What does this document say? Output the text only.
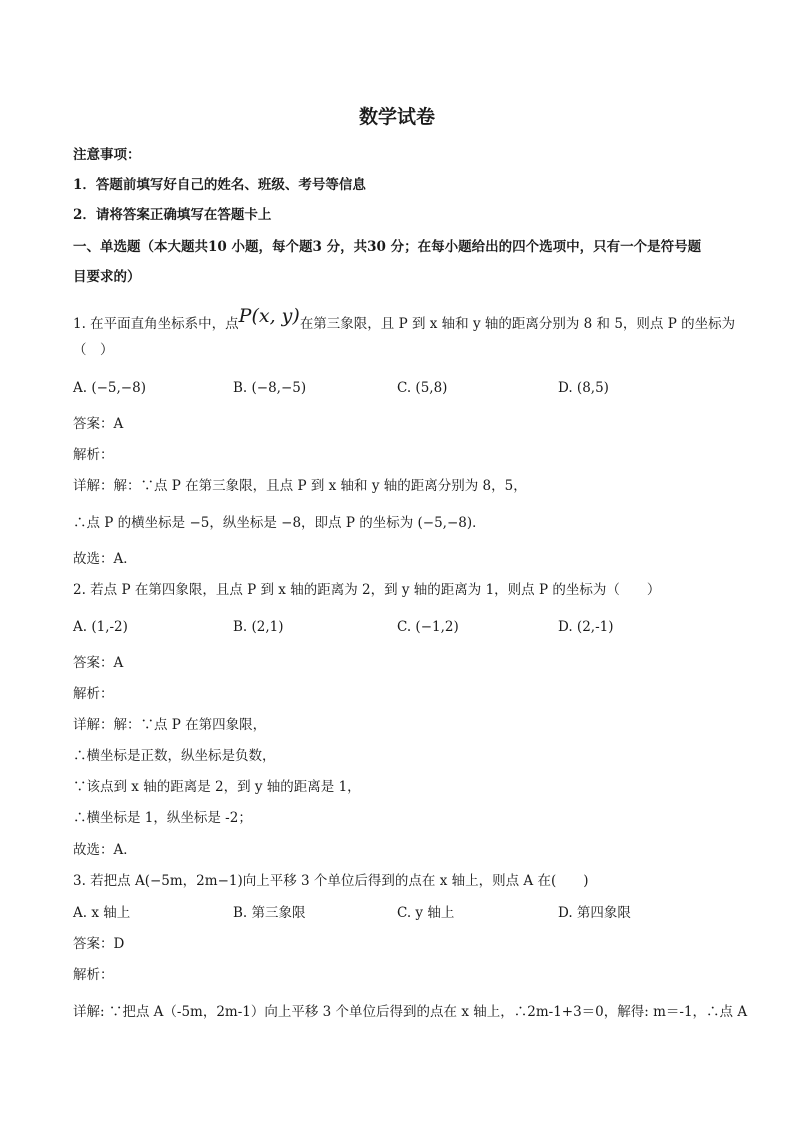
数学试卷
注意事项：
1．答题前填写好自己的姓名、班级、考号等信息
2．请将答案正确填写在答题卡上
一、单选题（本大题共10 小题，每个题3 分，共30 分；在每小题给出的四个选项中，只有一个是符号题
目要求的）
1. 在平面直角坐标系中，点P(x, y)在第三象限，且 P 到 x 轴和 y 轴的距离分别为 8 和 5，则点 P 的坐标为
（　）
A. (−5,−8)	B. (−8,−5)	C. (5,8)	D. (8,5)
答案：A
解析：
详解：解：∵点 P 在第三象限，且点 P 到 x 轴和 y 轴的距离分别为 8，5，
∴点 P 的横坐标是 −5，纵坐标是 −8，即点 P 的坐标为 (−5,−8)．
故选：A．
2. 若点 P 在第四象限，且点 P 到 x 轴的距离为 2，到 y 轴的距离为 1，则点 P 的坐标为（　　）
A. (1,-2)	B. (2,1)	C. (−1,2)	D. (2,-1)
答案：A
解析：
详解：解：∵点 P 在第四象限，
∴横坐标是正数，纵坐标是负数，
∵该点到 x 轴的距离是 2，到 y 轴的距离是 1，
∴横坐标是 1，纵坐标是 -2；
故选：A．
3. 若把点 A(−5m，2m−1)向上平移 3 个单位后得到的点在 x 轴上，则点 A 在(　　)
A. x 轴上	B. 第三象限	C. y 轴上	D. 第四象限
答案：D
解析：
详解: ∵把点 A（-5m，2m-1）向上平移 3 个单位后得到的点在 x 轴上，∴2m-1+3＝0，解得: m＝-1，∴点 A
